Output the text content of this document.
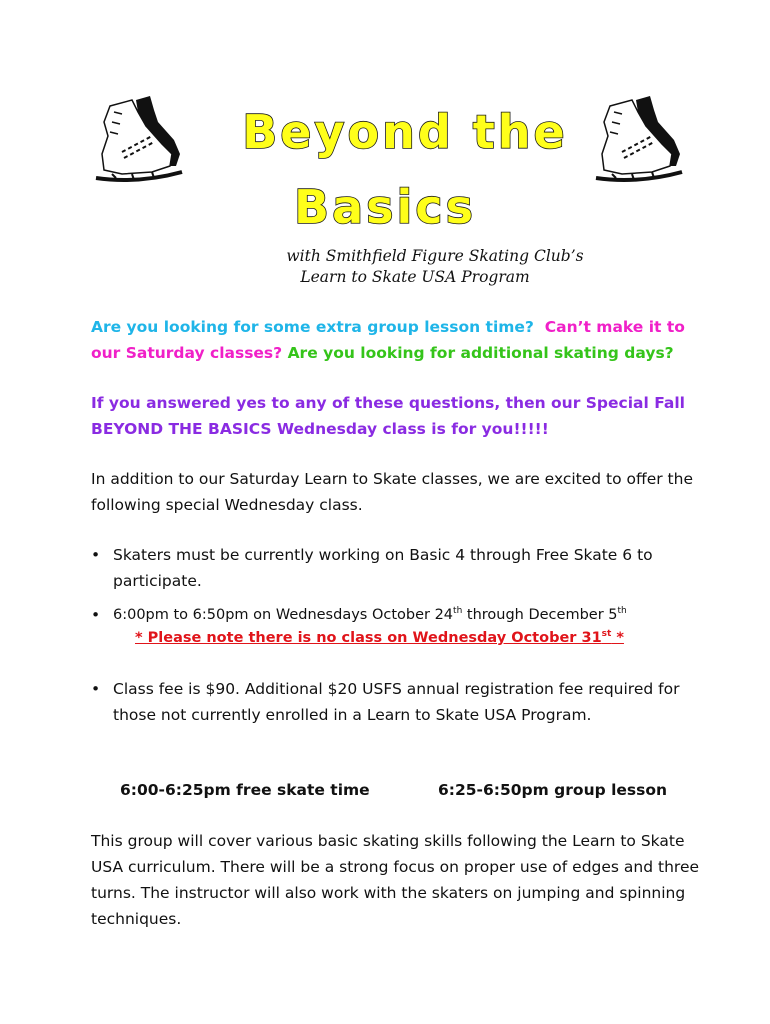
Beyond the
Basics
with Smithfield Figure Skating Club’s
Learn to Skate USA Program
Are you looking for some extra group lesson time? Can’t make it to our Saturday classes? Are you looking for additional skating days?
If you answered yes to any of these questions, then our Special Fall BEYOND THE BASICS Wednesday class is for you!!!!!
In addition to our Saturday Learn to Skate classes, we are excited to offer the following special Wednesday class.
• Skaters must be currently working on Basic 4 through Free Skate 6 to participate.
• 6:00pm to 6:50pm on Wednesdays October 24th through December 5th
* Please note there is no class on Wednesday October 31st *
• Class fee is $90. Additional $20 USFS annual registration fee required for those not currently enrolled in a Learn to Skate USA Program.
6:00-6:25pm free skate time	6:25-6:50pm group lesson
This group will cover various basic skating skills following the Learn to Skate USA curriculum. There will be a strong focus on proper use of edges and three turns. The instructor will also work with the skaters on jumping and spinning techniques.
